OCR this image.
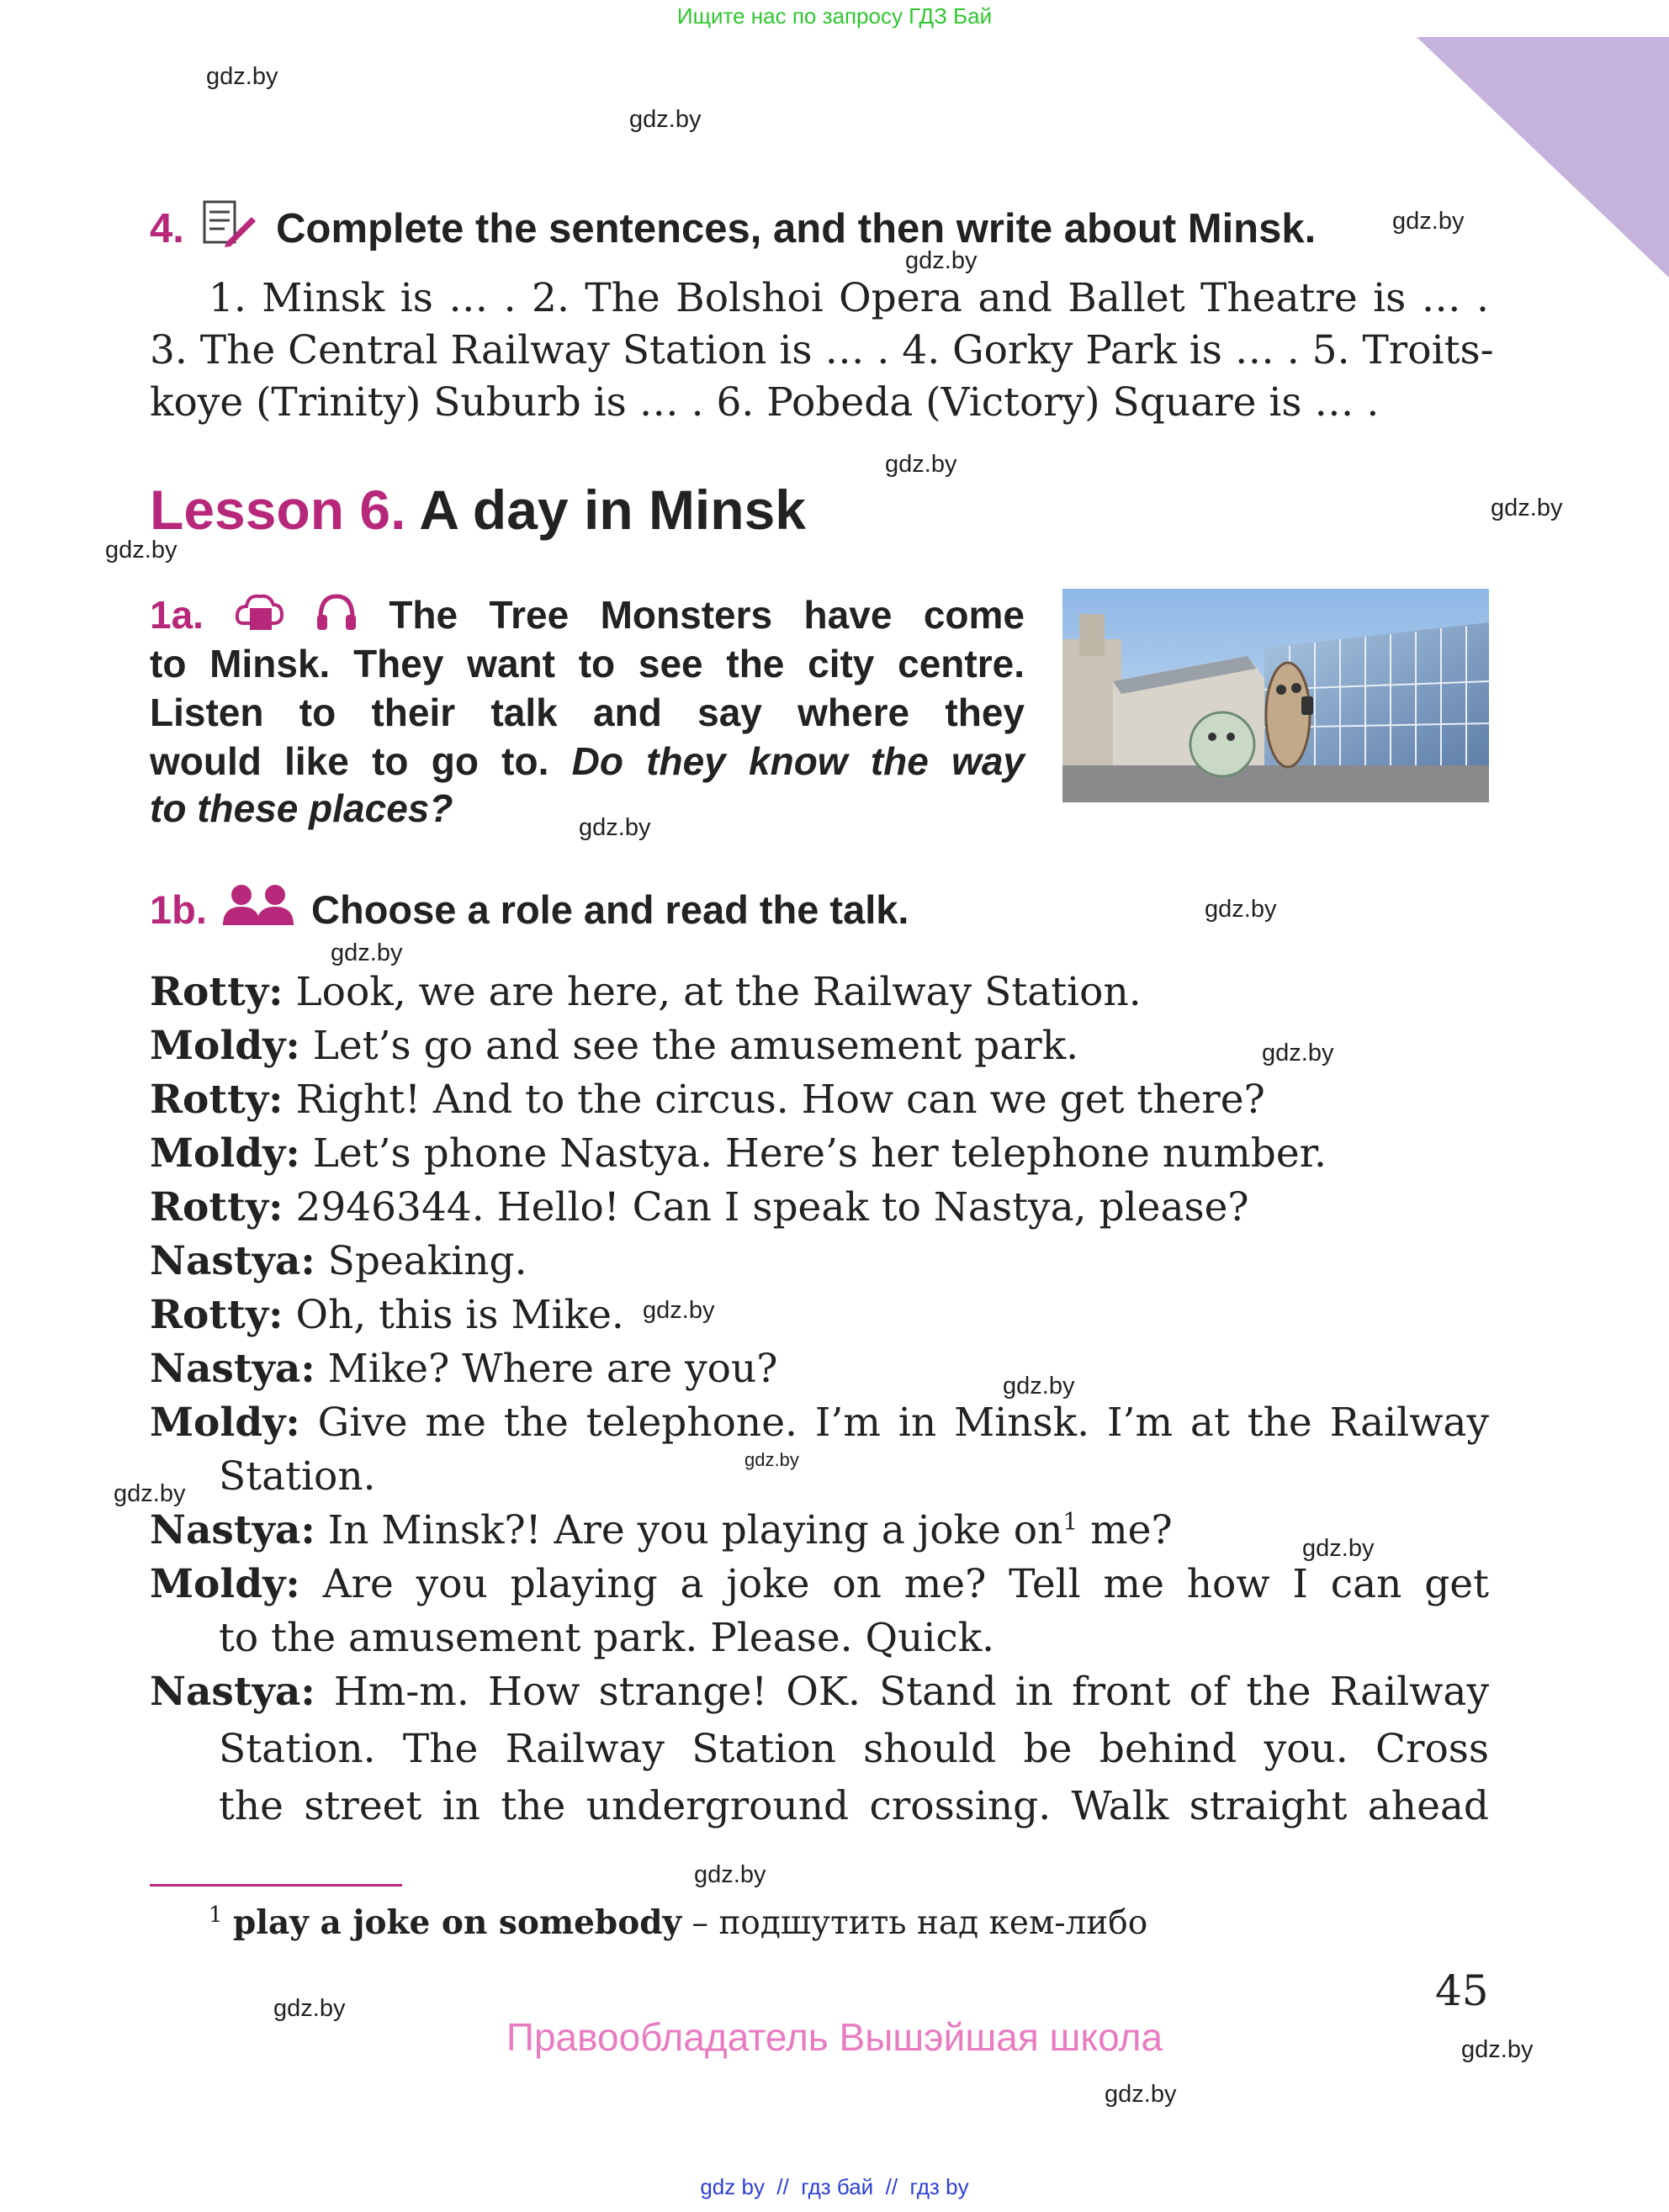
Ищите нас по запросу ГДЗ Бай
gdz.by
gdz.by
gdz.by
gdz.by
gdz.by
gdz.by
gdz.by
gdz.by
gdz.by
gdz.by
gdz.by
gdz.by
gdz.by
gdz.by
gdz.by
gdz.by
gdz.by
gdz.by
gdz.by
gdz.by
4. Complete the sentences, and then write about Minsk.
1. Minsk is … . 2. The Bolshoi Opera and Ballet Theatre is … .
3. The Central Railway Station is … . 4. Gorky Park is … . 5. Troits-
koye (Trinity) Suburb is … . 6. Pobeda (Victory) Square is … .
Lesson 6. A day in Minsk
1a.	The Tree Monsters have come
to Minsk. They want to see the city centre.
Listen to their talk and say where they
would like to go to. Do they know the way
to these places?
1b.	Choose a role and read the talk.
Rotty: Look, we are here, at the Railway Station.
Moldy: Let’s go and see the amusement park.
Rotty: Right! And to the circus. How can we get there?
Moldy: Let’s phone Nastya. Here’s her telephone number.
Rotty: 2946344. Hello! Can I speak to Nastya, please?
Nastya: Speaking.
Rotty: Oh, this is Mike.
Nastya: Mike? Where are you?
Moldy: Give me the telephone. I’m in Minsk. I’m at the Railway
Station.
Nastya: In Minsk?! Are you playing a joke $on^1$ me?
Moldy: Are you playing a joke on me? Tell me how I can get
to the amusement park. Please. Quick.
Nastya: Hm-m. How strange! OK. Stand in front of the Railway
Station. The Railway Station should be behind you. Cross
the street in the underground crossing. Walk straight ahead
$^1$ play a joke on somebody – подшутить над кем-либо
45
Правообладатель Вышэйшая школа
gdz by  //  гдз бай  //  гдз by
